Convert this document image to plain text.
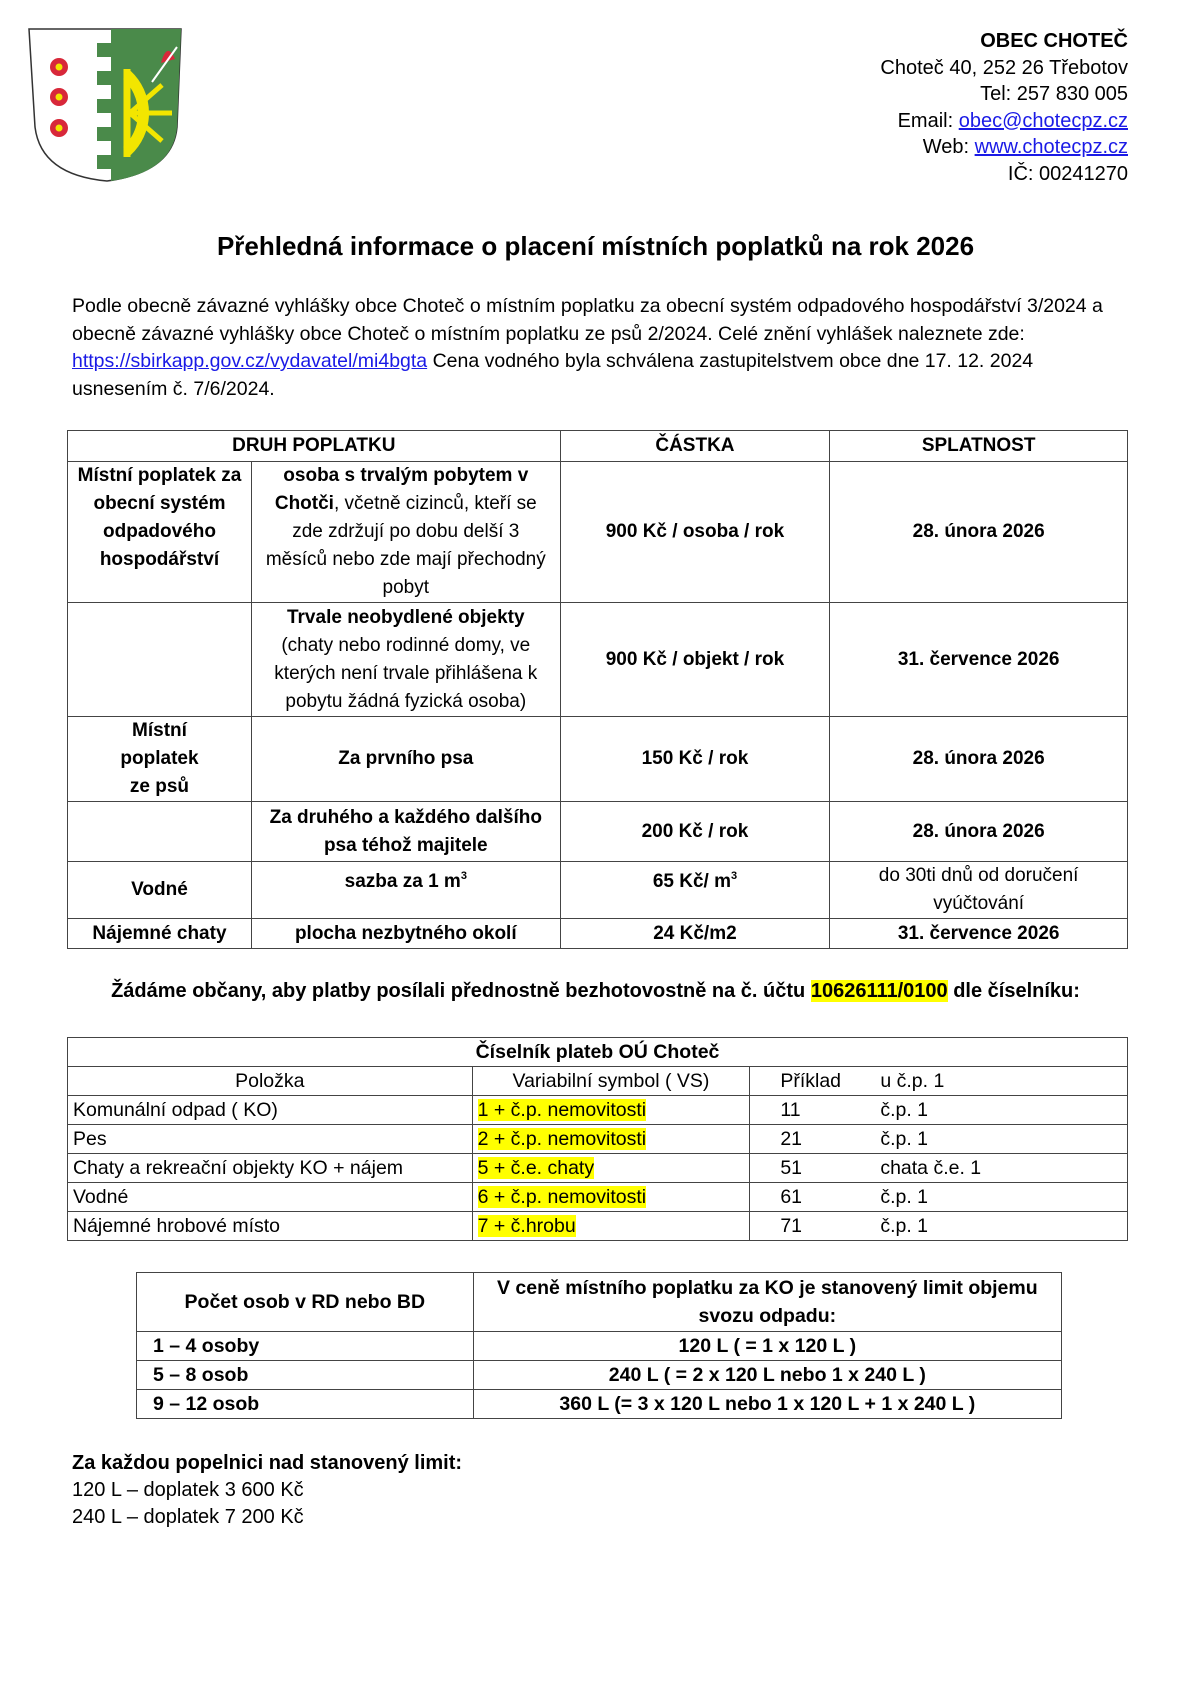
OBEC CHOTEČ
Choteč 40, 252 26 Třebotov
Tel: 257 830 005
Email: obec@chotecpz.cz
Web: www.chotecpz.cz
IČ: 00241270
Přehledná informace o placení místních poplatků na rok 2026
Podle obecně závazné vyhlášky obce Choteč o místním poplatku za obecní systém odpadového hospodářství 3/2024 a obecně závazné vyhlášky obce Choteč o místním poplatku ze psů 2/2024. Celé znění vyhlášek naleznete zde: https://sbirkapp.gov.cz/vydavatel/mi4bgta Cena vodného byla schválena zastupitelstvem obce dne 17. 12. 2024 usnesením č. 7/6/2024.
DRUH POPLATKU		ČÁSTKA	SPLATNOST
Místní poplatek za obecní systém odpadového hospodářství	osoba s trvalým pobytem v Chotči, včetně cizinců, kteří se zde zdržují po dobu delší 3 měsíců nebo zde mají přechodný pobyt	900 Kč / osoba / rok	28. února 2026
	Trvale neobydlené objekty (chaty nebo rodinné domy, ve kterých není trvale přihlášena k pobytu žádná fyzická osoba)	900 Kč / objekt / rok	31. července 2026
Místní poplatek ze psů	Za prvního psa	150 Kč / rok	28. února 2026
	Za druhého a každého dalšího psa téhož majitele	200 Kč / rok	28. února 2026
Vodné	sazba za 1 $m^3$	65 Kč/ $m^3$	do 30ti dnů od doručení vyúčtování
Nájemné chaty	plocha nezbytného okolí	24 Kč/m2	31. července 2026
Žádáme občany, aby platby posílali přednostně bezhotovostně na č. účtu 10626111/0100 dle číselníku:
Číselník plateb OÚ Choteč		
Položka	Variabilní symbol ( VS)	Příklad u č.p. 1
Komunální odpad ( KO)	1 + č.p. nemovitosti	11 č.p. 1
Pes	2 + č.p. nemovitosti	21 č.p. 1
Chaty a rekreační objekty KO + nájem	5 + č.e. chaty	51 chata č.e. 1
Vodné	6 + č.p. nemovitosti	61 č.p. 1
Nájemné hrobové místo	7 + č.hrobu	71 č.p. 1
Počet osob v RD nebo BD	V ceně místního poplatku za KO je stanovený limit objemu svozu odpadu:
1 – 4 osoby	120 L ( = 1 x 120 L )
5 – 8 osob	240 L ( = 2 x 120 L nebo 1 x 240 L )
9 – 12 osob	360 L (= 3 x 120 L nebo 1 x 120 L + 1 x 240 L )
Za každou popelnici nad stanovený limit:
120 L – doplatek 3 600 Kč
240 L – doplatek 7 200 Kč
